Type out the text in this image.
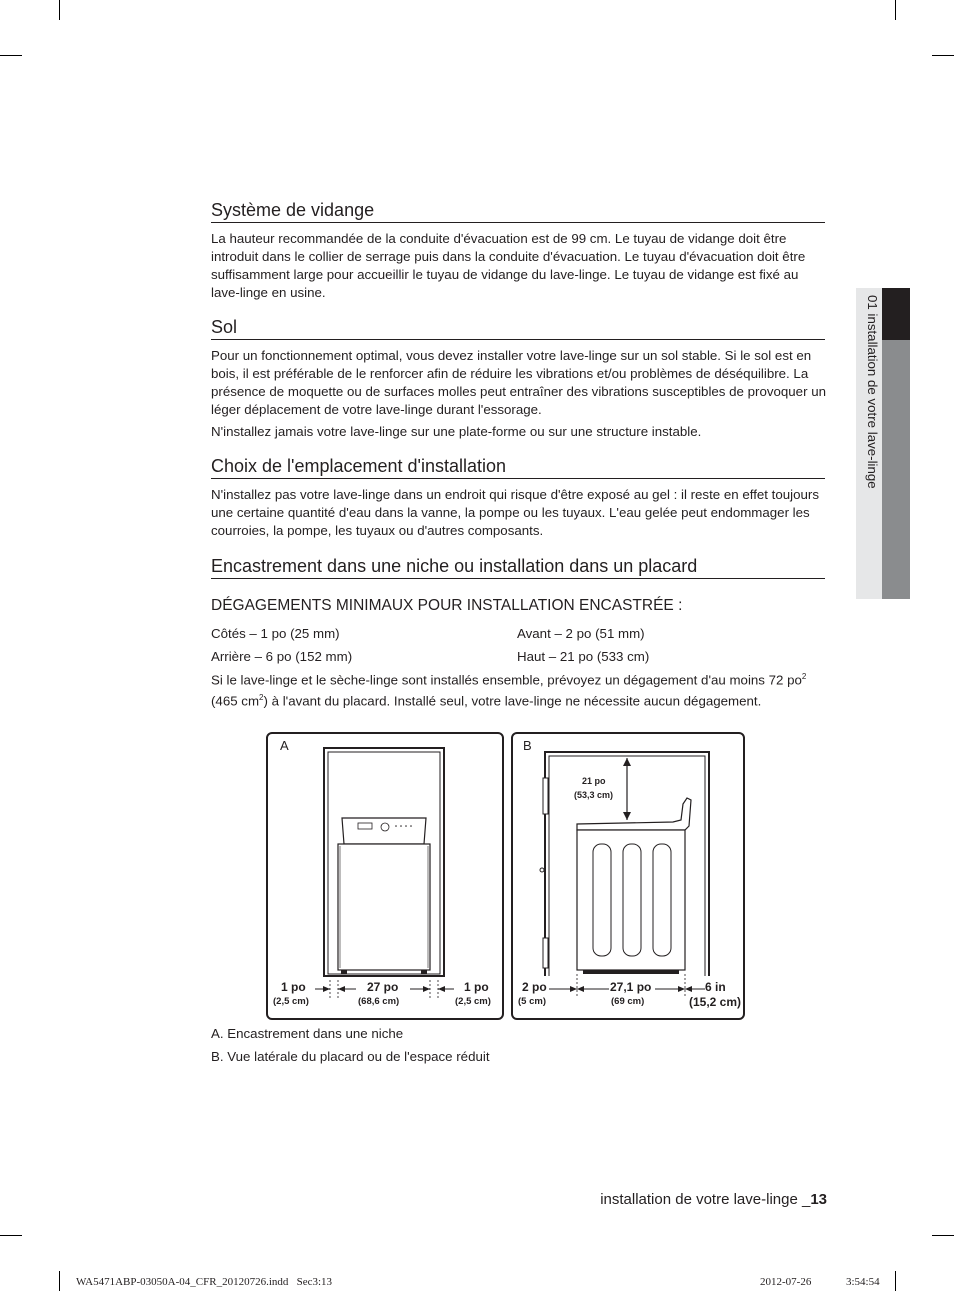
01 installation de votre lave-linge
Système de vidange

La hauteur recommandée de la conduite d'évacuation est de 99 cm. Le tuyau de vidange doit être introduit dans le collier de serrage puis dans la conduite d'évacuation. Le tuyau d'évacuation doit être suffisamment large pour accueillir le tuyau de vidange du lave-linge. Le tuyau de vidange est fixé au lave-linge en usine.

Sol

Pour un fonctionnement optimal, vous devez installer votre lave-linge sur un sol stable. Si le sol est en bois, il est préférable de le renforcer afin de réduire les vibrations et/ou problèmes de déséquilibre. La présence de moquette ou de surfaces molles peut entraîner des vibrations susceptibles de provoquer un léger déplacement de votre lave-linge durant l'essorage.

N'installez jamais votre lave-linge sur une plate-forme ou sur une structure instable.

Choix de l'emplacement d'installation

N'installez pas votre lave-linge dans un endroit qui risque d'être exposé au gel : il reste en effet toujours une certaine quantité d'eau dans la vanne, la pompe ou les tuyaux. L'eau gelée peut endommager les courroies, la pompe, les tuyaux ou d'autres composants.

Encastrement dans une niche ou installation dans un placard
DÉGAGEMENTS MINIMAUX POUR INSTALLATION ENCASTRÉE :
Côtés – 1 po (25 mm)	Avant – 2 po (51 mm)
Arrière – 6 po (152 mm)	Haut – 21 po (533 cm)

Si le lave-linge et le sèche-linge sont installés ensemble, prévoyez un dégagement d'au moins 72 $po^2$ (465 $cm^2$) à l'avant du placard. Installé seul, votre lave-linge ne nécessite aucun dégagement.

A
1 po
(2,5 cm)
27 po
(68,6 cm)
1 po
(2,5 cm)
B
21 po
(53,3 cm)
2 po
(5 cm)
27,1 po
(69 cm)
6 in
(15,2 cm)
A. Encastrement dans une niche
B. Vue latérale du placard ou de l'espace réduit
installation de votre lave-linge _13
WA5471ABP-03050A-04_CFR_20120726.indd   Sec3:13	2012-07-26	3:54:54
